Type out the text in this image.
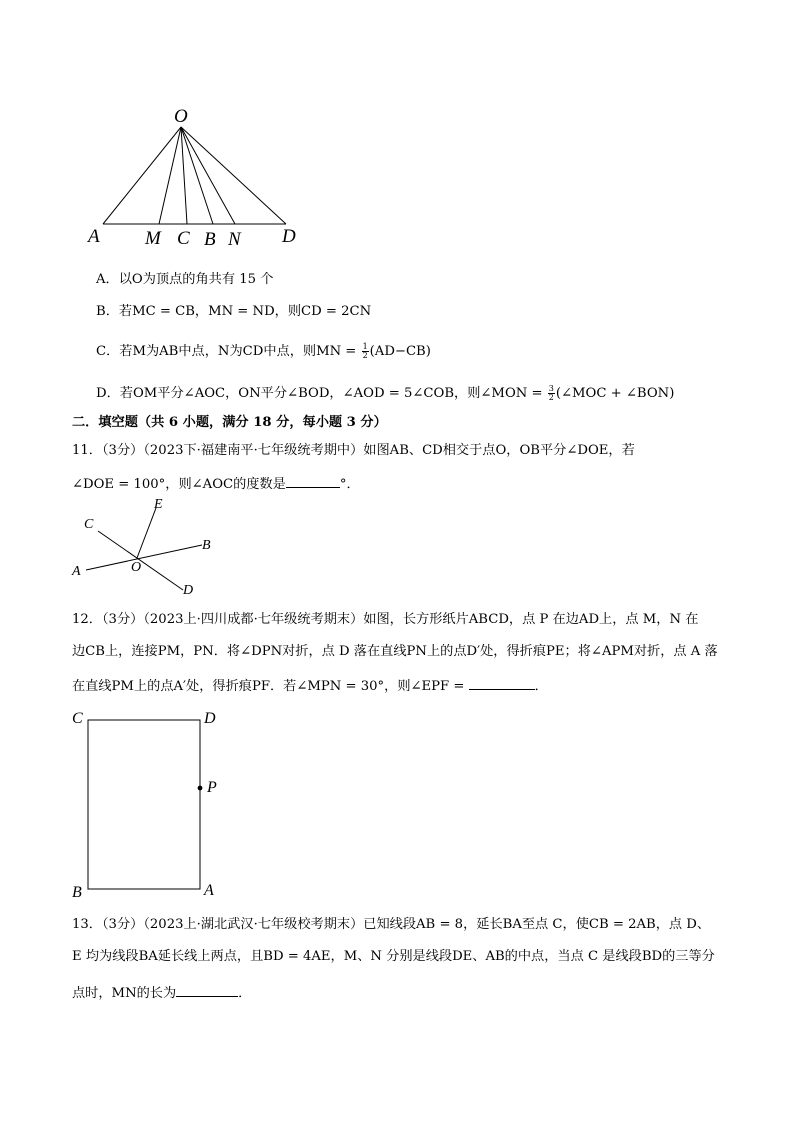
O
A M C B N D
A．以O为顶点的角共有 15 个
B．若MC = CB，MN = ND，则CD = 2CN
C．若M为AB中点，N为CD中点，则MN = $\frac{1}{2} (AD-CB)$
D．若OM平分∠AOC，ON平分∠BOD，∠AOD = 5∠COB，则∠MON = $\frac{3}{2}$ (∠MOC + ∠BON)
二．填空题（共 6 小题，满分 18 分，每小题 3 分）
11．（3分）（2023下·福建南平·七年级统考期中）如图AB、CD相交于点O，OB平分∠DOE，若
∠DOE = 100°，则∠AOC的度数是	°．
C
E
B
A	O
D
12．（3分）（2023上·四川成都·七年级统考期末）如图，长方形纸片ABCD，点 P 在边AD上，点 M，N 在
边CB上，连接PM，PN．将∠DPN对折，点 D 落在直线PN上的点D′处，得折痕PE；将∠APM对折，点 A 落
在直线PM上的点A′处，得折痕PF．若∠MPN = 30°，则∠EPF =	．
C	D
P
B	A
13．（3分）（2023上·湖北武汉·七年级校考期末）已知线段AB = 8，延长BA至点 C，使CB = 2AB，点 D、
E 均为线段BA延长线上两点，且BD = 4AE，M、N 分别是线段DE、AB的中点，当点 C 是线段BD的三等分
点时，MN的长为	．
